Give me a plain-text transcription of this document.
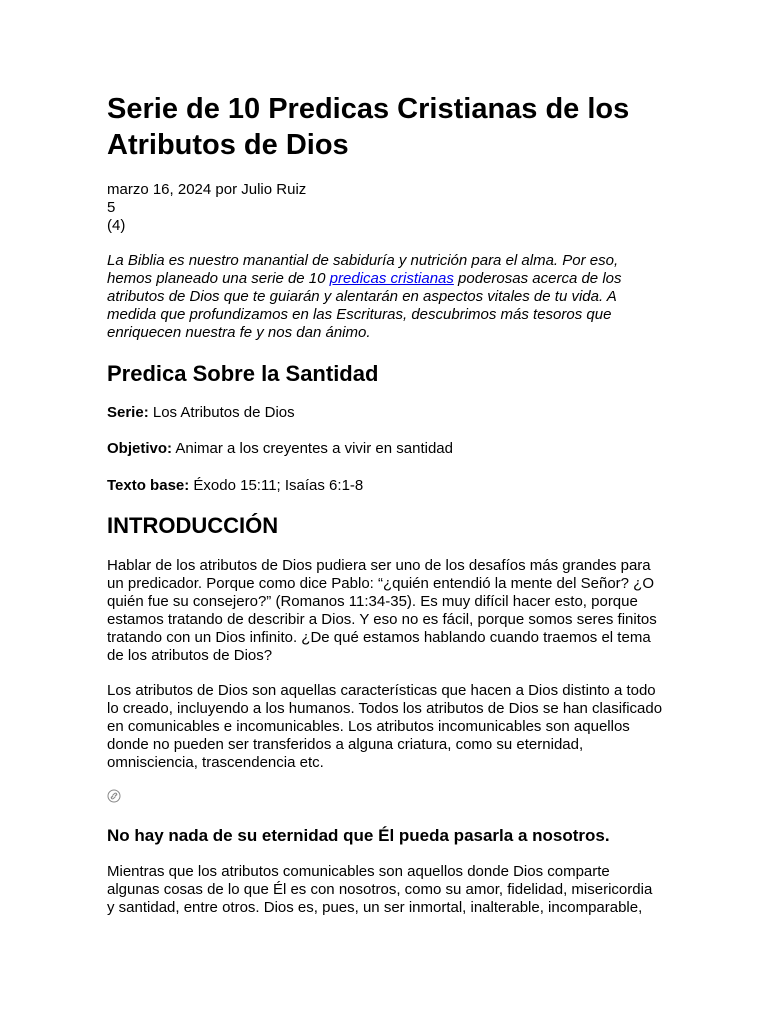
Serie de 10 Predicas Cristianas de los Atributos de Dios
marzo 16, 2024 por Julio Ruiz
5
(4)

La Biblia es nuestro manantial de sabiduría y nutrición para el alma. Por eso, hemos planeado una serie de 10 predicas cristianas poderosas acerca de los atributos de Dios que te guiarán y alentarán en aspectos vitales de tu vida. A medida que profundizamos en las Escrituras, descubrimos más tesoros que enriquecen nuestra fe y nos dan ánimo.

Predica Sobre la Santidad

Serie: Los Atributos de Dios

Objetivo: Animar a los creyentes a vivir en santidad

Texto base: Éxodo 15:11; Isaías 6:1-8

INTRODUCCIÓN

Hablar de los atributos de Dios pudiera ser uno de los desafíos más grandes para un predicador. Porque como dice Pablo: “¿quién entendió la mente del Señor? ¿O quién fue su consejero?” (Romanos 11:34-35). Es muy difícil hacer esto, porque estamos tratando de describir a Dios. Y eso no es fácil, porque somos seres finitos tratando con un Dios infinito. ¿De qué estamos hablando cuando traemos el tema de los atributos de Dios?

Los atributos de Dios son aquellas características que hacen a Dios distinto a todo lo creado, incluyendo a los humanos. Todos los atributos de Dios se han clasificado en comunicables e incomunicables. Los atributos incomunicables son aquellos donde no pueden ser transferidos a alguna criatura, como su eternidad, omnisciencia, trascendencia etc.

No hay nada de su eternidad que Él pueda pasarla a nosotros.

Mientras que los atributos comunicables son aquellos donde Dios comparte algunas cosas de lo que Él es con nosotros, como su amor, fidelidad, misericordia y santidad, entre otros. Dios es, pues, un ser inmortal, inalterable, incomparable,
